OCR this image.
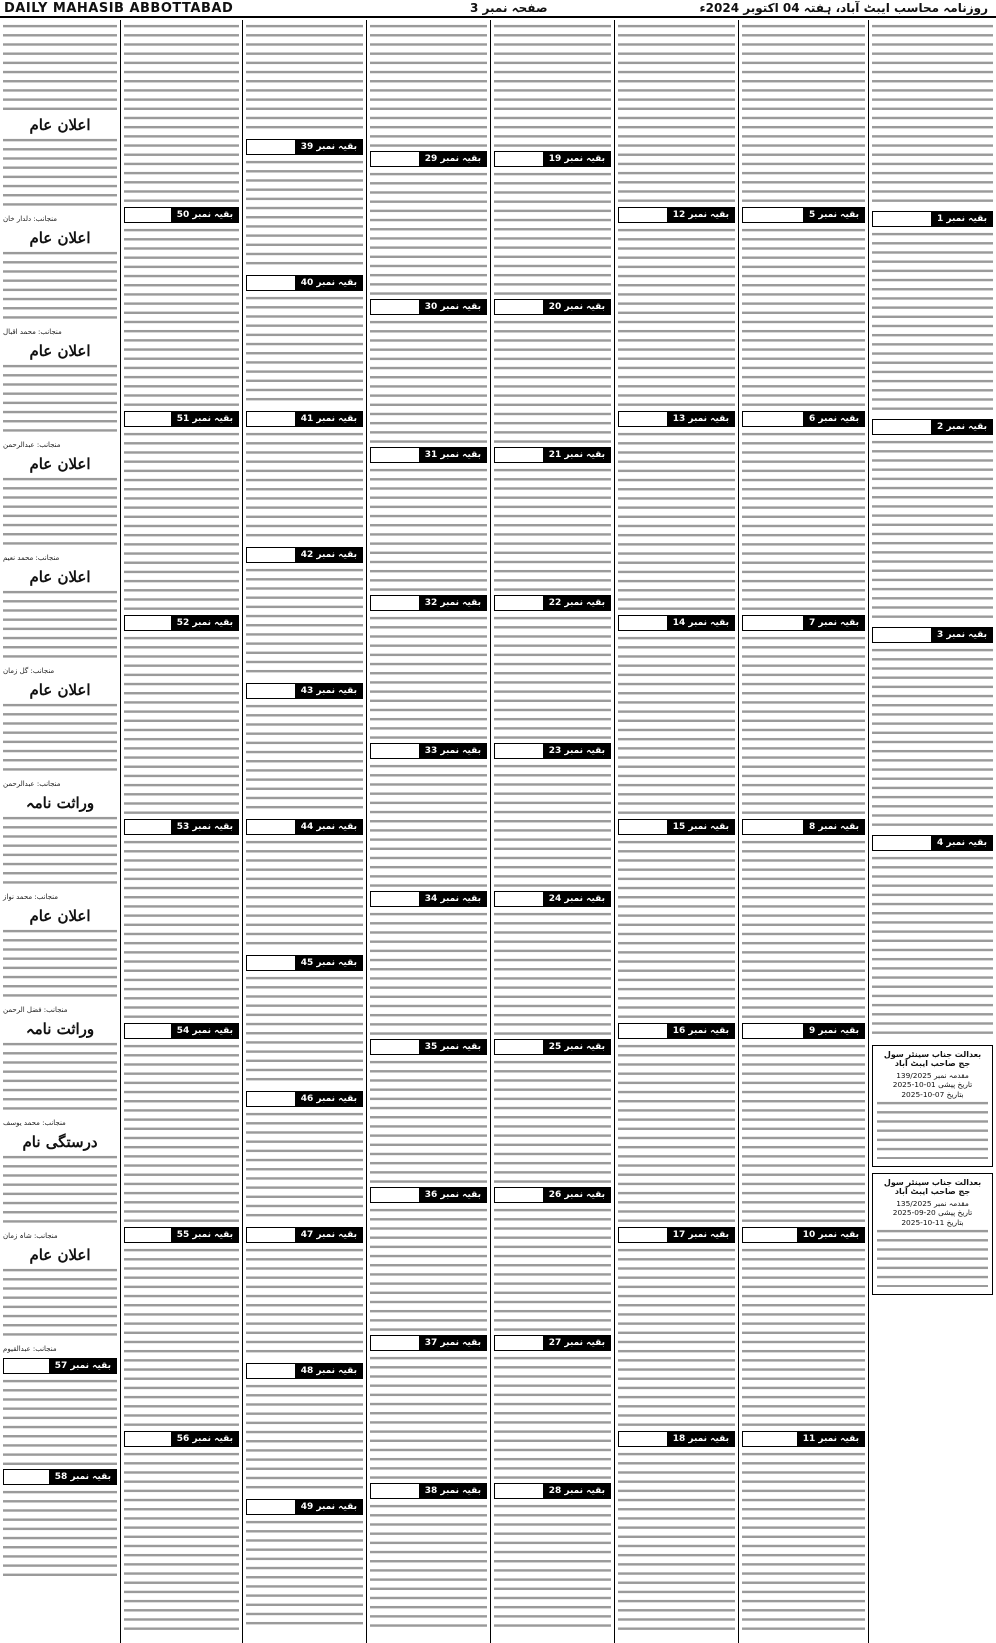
DAILY MAHASIB ABBOTTABAD	صفحہ نمبر 3	روزنامہ محاسب ایبٹ آباد، ہفتہ 04 اکتوبر 2024ء
اعلان عام
منجانب: دلدار خان
اعلان عام
منجانب: محمد اقبال
اعلان عام
منجانب: عبدالرحمن
اعلان عام
منجانب: محمد نعیم
اعلان عام
منجانب: گل زمان
اعلان عام
منجانب: عبدالرحمن
وراثت نامہ
منجانب: محمد نواز
اعلان عام
منجانب: فضل الرحمن
وراثت نامہ
منجانب: محمد یوسف
درستگی نام
منجانب: شاہ زمان
اعلان عام
منجانب: عبدالقیوم
بقیہ نمبر 57
بقیہ نمبر 58
بقیہ نمبر 50
بقیہ نمبر 51
بقیہ نمبر 52
بقیہ نمبر 53
بقیہ نمبر 54
بقیہ نمبر 55
بقیہ نمبر 56
بقیہ نمبر 39
بقیہ نمبر 40
بقیہ نمبر 41
بقیہ نمبر 42
بقیہ نمبر 43
بقیہ نمبر 44
بقیہ نمبر 45
بقیہ نمبر 46
بقیہ نمبر 47
بقیہ نمبر 48
بقیہ نمبر 49
بقیہ نمبر 29
بقیہ نمبر 30
بقیہ نمبر 31
بقیہ نمبر 32
بقیہ نمبر 33
بقیہ نمبر 34
بقیہ نمبر 35
بقیہ نمبر 36
بقیہ نمبر 37
بقیہ نمبر 38
بقیہ نمبر 19
بقیہ نمبر 20
بقیہ نمبر 21
بقیہ نمبر 22
بقیہ نمبر 23
بقیہ نمبر 24
بقیہ نمبر 25
بقیہ نمبر 26
بقیہ نمبر 27
بقیہ نمبر 28
بقیہ نمبر 12
بقیہ نمبر 13
بقیہ نمبر 14
بقیہ نمبر 15
بقیہ نمبر 16
بقیہ نمبر 17
بقیہ نمبر 18
بقیہ نمبر 5
بقیہ نمبر 6
بقیہ نمبر 7
بقیہ نمبر 8
بقیہ نمبر 9
بقیہ نمبر 10
بقیہ نمبر 11
بقیہ نمبر 1
بقیہ نمبر 2
بقیہ نمبر 3
بقیہ نمبر 4
بعدالت جناب سینئر سول جج صاحب ایبٹ آباد
مقدمہ نمبر 139/2025
تاریخ پیشی 01-10-2025
بتاریخ 07-10-2025
بعدالت جناب سینئر سول جج صاحب ایبٹ آباد
مقدمہ نمبر 135/2025
تاریخ پیشی 20-09-2025
بتاریخ 11-10-2025
